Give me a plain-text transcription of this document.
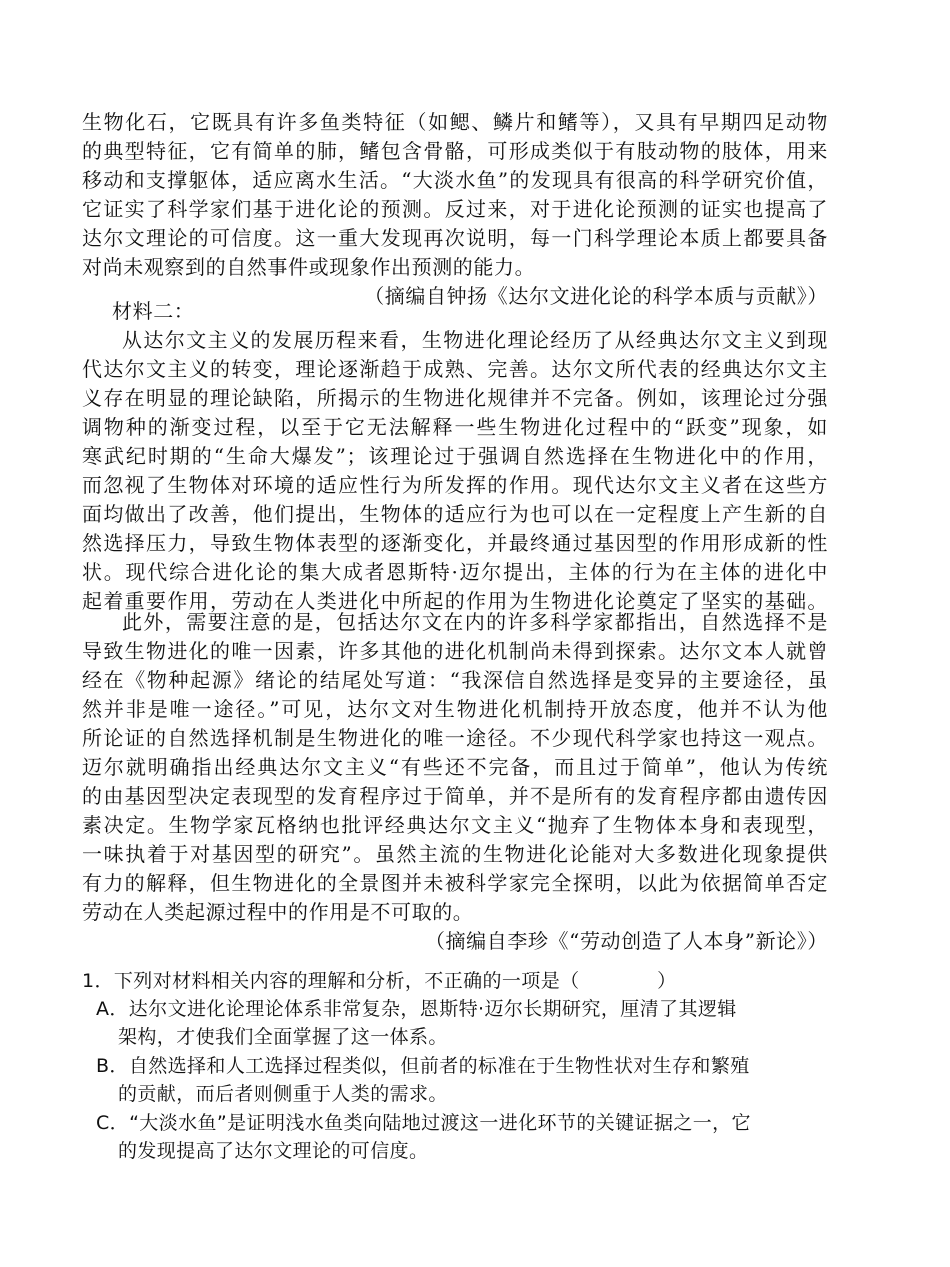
生物化石，它既具有许多鱼类特征（如鳃、鳞片和鳍等），又具有早期四足动物
的典型特征，它有简单的肺，鳍包含骨骼，可形成类似于有肢动物的肢体，用来
移动和支撑躯体，适应离水生活。“大淡水鱼”的发现具有很高的科学研究价值，
它证实了科学家们基于进化论的预测。反过来，对于进化论预测的证实也提高了
达尔文理论的可信度。这一重大发现再次说明，每一门科学理论本质上都要具备
对尚未观察到的自然事件或现象作出预测的能力。
（摘编自钟扬《达尔文进化论的科学本质与贡献》）
材料二：
从达尔文主义的发展历程来看，生物进化理论经历了从经典达尔文主义到现
代达尔文主义的转变，理论逐渐趋于成熟、完善。达尔文所代表的经典达尔文主
义存在明显的理论缺陷，所揭示的生物进化规律并不完备。例如，该理论过分强
调物种的渐变过程，以至于它无法解释一些生物进化过程中的“跃变”现象，如
寒武纪时期的“生命大爆发”；该理论过于强调自然选择在生物进化中的作用，
而忽视了生物体对环境的适应性行为所发挥的作用。现代达尔文主义者在这些方
面均做出了改善，他们提出，生物体的适应行为也可以在一定程度上产生新的自
然选择压力，导致生物体表型的逐渐变化，并最终通过基因型的作用形成新的性
状。现代综合进化论的集大成者恩斯特·迈尔提出，主体的行为在主体的进化中
起着重要作用，劳动在人类进化中所起的作用为生物进化论奠定了坚实的基础。
此外，需要注意的是，包括达尔文在内的许多科学家都指出，自然选择不是
导致生物进化的唯一因素，许多其他的进化机制尚未得到探索。达尔文本人就曾
经在《物种起源》绪论的结尾处写道：“我深信自然选择是变异的主要途径，虽
然并非是唯一途径。”可见，达尔文对生物进化机制持开放态度，他并不认为他
所论证的自然选择机制是生物进化的唯一途径。不少现代科学家也持这一观点。
迈尔就明确指出经典达尔文主义“有些还不完备，而且过于简单”，他认为传统
的由基因型决定表现型的发育程序过于简单，并不是所有的发育程序都由遗传因
素决定。生物学家瓦格纳也批评经典达尔文主义“抛弃了生物体本身和表现型，
一味执着于对基因型的研究”。虽然主流的生物进化论能对大多数进化现象提供
有力的解释，但生物进化的全景图并未被科学家完全探明，以此为依据简单否定
劳动在人类起源过程中的作用是不可取的。
（摘编自李珍《“劳动创造了人本身”新论》）
1．下列对材料相关内容的理解和分析，不正确的一项是（　　　　）
A．达尔文进化论理论体系非常复杂，恩斯特·迈尔长期研究，厘清了其逻辑
架构，才使我们全面掌握了这一体系。
B．自然选择和人工选择过程类似，但前者的标准在于生物性状对生存和繁殖
的贡献，而后者则侧重于人类的需求。
C．“大淡水鱼”是证明浅水鱼类向陆地过渡这一进化环节的关键证据之一，它
的发现提高了达尔文理论的可信度。
